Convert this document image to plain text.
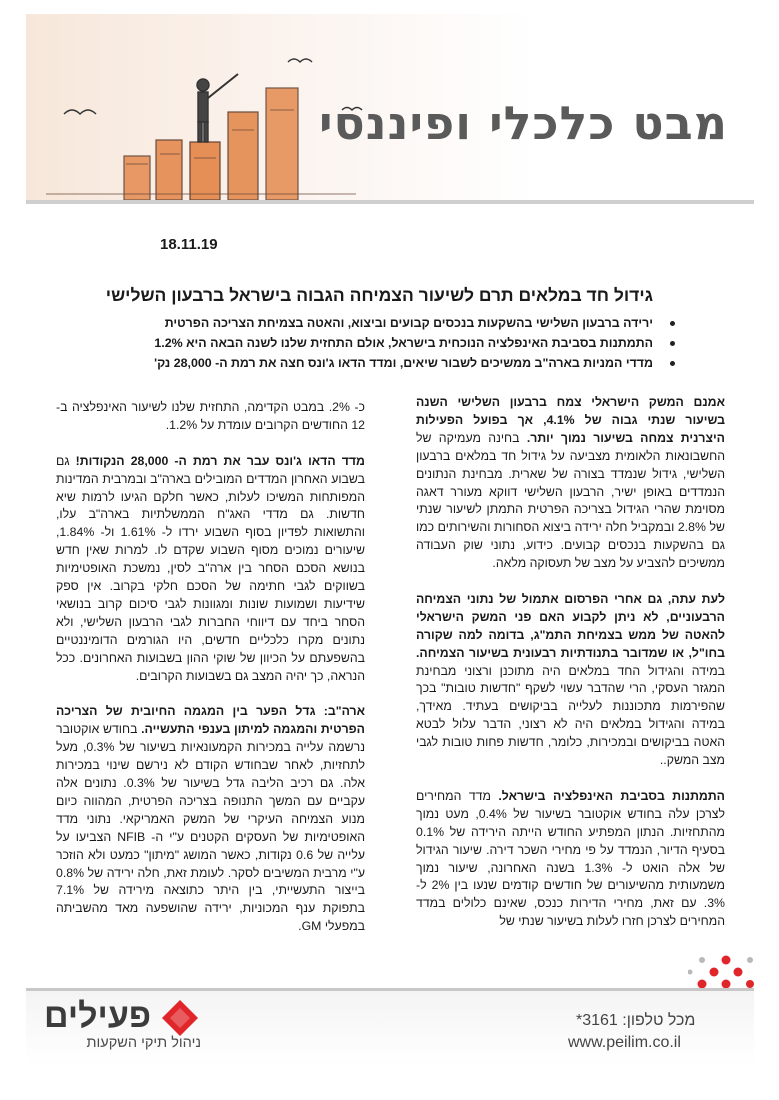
מבט כלכלי ופיננסי
18.11.19
גידול חד במלאים תרם לשיעור הצמיחה הגבוה בישראל ברבעון השלישי
ירידה ברבעון השלישי בהשקעות בנכסים קבועים וביצוא, והאטה בצמיחת הצריכה הפרטית
התמתנות בסביבת האינפלציה הנוכחית בישראל, אולם התחזית שלנו לשנה הבאה היא 1.2%
מדדי המניות בארה"ב ממשיכים לשבור שיאים, ומדד הדאו ג'ונס חצה את רמת ה- 28,000 נק'

אמנם המשק הישראלי צמח ברבעון השלישי השנה בשיעור שנתי גבוה של 4.1%, אך בפועל הפעילות היצרנית צמחה בשיעור נמוך יותר. בחינה מעמיקה של החשבונאות הלאומית מצביעה על גידול חד במלאים ברבעון השלישי, גידול שנמדד בצורה של שארית. מבחינת הנתונים הנמדדים באופן ישיר, הרבעון השלישי דווקא מעורר דאגה מסוימת שהרי הגידול בצריכה הפרטית התמתן לשיעור שנתי של 2.8% ובמקביל חלה ירידה ביצוא הסחורות והשירותים כמו גם בהשקעות בנכסים קבועים. כידוע, נתוני שוק העבודה ממשיכים להצביע על מצב של תעסוקה מלאה.

לעת עתה, גם אחרי הפרסום אתמול של נתוני הצמיחה הרבעוניים, לא ניתן לקבוע האם פני המשק הישראלי להאטה של ממש בצמיחת התמ"ג, בדומה למה שקורה בחו"ל, או שמדובר בתנודתיות רבעונית בשיעור הצמיחה. במידה והגידול החד במלאים היה מתוכנן ורצוני מבחינת המגזר העסקי, הרי שהדבר עשוי לשקף "חדשות טובות" בכך שהפירמות מתכוננות לעלייה בביקושים בעתיד. מאידך, במידה והגידול במלאים היה לא רצוני, הדבר עלול לבטא האטה בביקושים ובמכירות, כלומר, חדשות פחות טובות לגבי מצב המשק..

התמתנות בסביבת האינפלציה בישראל. מדד המחירים לצרכן עלה בחודש אוקטובר בשיעור של 0.4%, מעט נמוך מהתחזיות. הנתון המפתיע החודש הייתה הירידה של 0.1% בסעיף הדיור, הנמדד על פי מחירי השכר דירה. שיעור הגידול של אלה הואט ל- 1.3% בשנה האחרונה, שיעור נמוך משמעותית מהשיעורים של חודשים קודמים שנעו בין 2% ל- 3%. עם זאת, מחירי הדירות כנכס, שאינם כלולים במדד המחירים לצרכן חזרו לעלות בשיעור שנתי של

כ- 2%. במבט הקדימה, התחזית שלנו לשיעור האינפלציה ב- 12 החודשים הקרובים עומדת על 1.2%.

מדד הדאו ג'ונס עבר את רמת ה- 28,000 הנקודות! גם בשבוע האחרון המדדים המובילים בארה"ב ובמרבית המדינות המפותחות המשיכו לעלות, כאשר חלקם הגיעו לרמות שיא חדשות. גם מדדי האג"ח הממשלתיות בארה"ב עלו, והתשואות לפדיון בסוף השבוע ירדו ל- 1.61% ול- 1.84%, שיעורים נמוכים מסוף השבוע שקדם לו. למרות שאין חדש בנושא הסכם הסחר בין ארה"ב לסין, נמשכת האופטימיות בשווקים לגבי חתימה של הסכם חלקי בקרוב. אין ספק שידיעות ושמועות שונות ומגוונות לגבי סיכום קרוב בנושאי הסחר ביחד עם דיווחי החברות לגבי הרבעון השלישי, ולא נתונים מקרו כלכליים חדשים, היו הגורמים הדומיננטיים בהשפעתם על הכיוון של שוקי ההון בשבועות האחרונים. ככל הנראה, כך יהיה המצב גם בשבועות הקרובים.

ארה"ב: גדל הפער בין המגמה החיובית של הצריכה הפרטית והמגמה למיתון בענפי התעשייה. בחודש אוקטובר נרשמה עלייה במכירות הקמעונאיות בשיעור של 0.3%, מעל לתחזיות, לאחר שבחודש הקודם לא נירשם שינוי במכירות אלה. גם רכיב הליבה גדל בשיעור של 0.3%. נתונים אלה עקביים עם המשך התנופה בצריכה הפרטית, המהווה כיום מנוע הצמיחה העיקרי של המשק האמריקאי. נתוני מדד האופטימיות של העסקים הקטנים ע"י ה- NFIB הצביעו על עלייה של 0.6 נקודות, כאשר המושג "מיתון" כמעט ולא הוזכר ע"י מרבית המשיבים לסקר. לעומת זאת, חלה ירידה של 0.8% בייצור התעשייתי, בין היתר כתוצאה מירידה של 7.1% בתפוקת ענף המכוניות, ירידה שהושפעה מאד מהשביתה במפעלי GM.

פעילים
ניהול תיקי השקעות
מכל טלפון: 3161*
www.peilim.co.il
